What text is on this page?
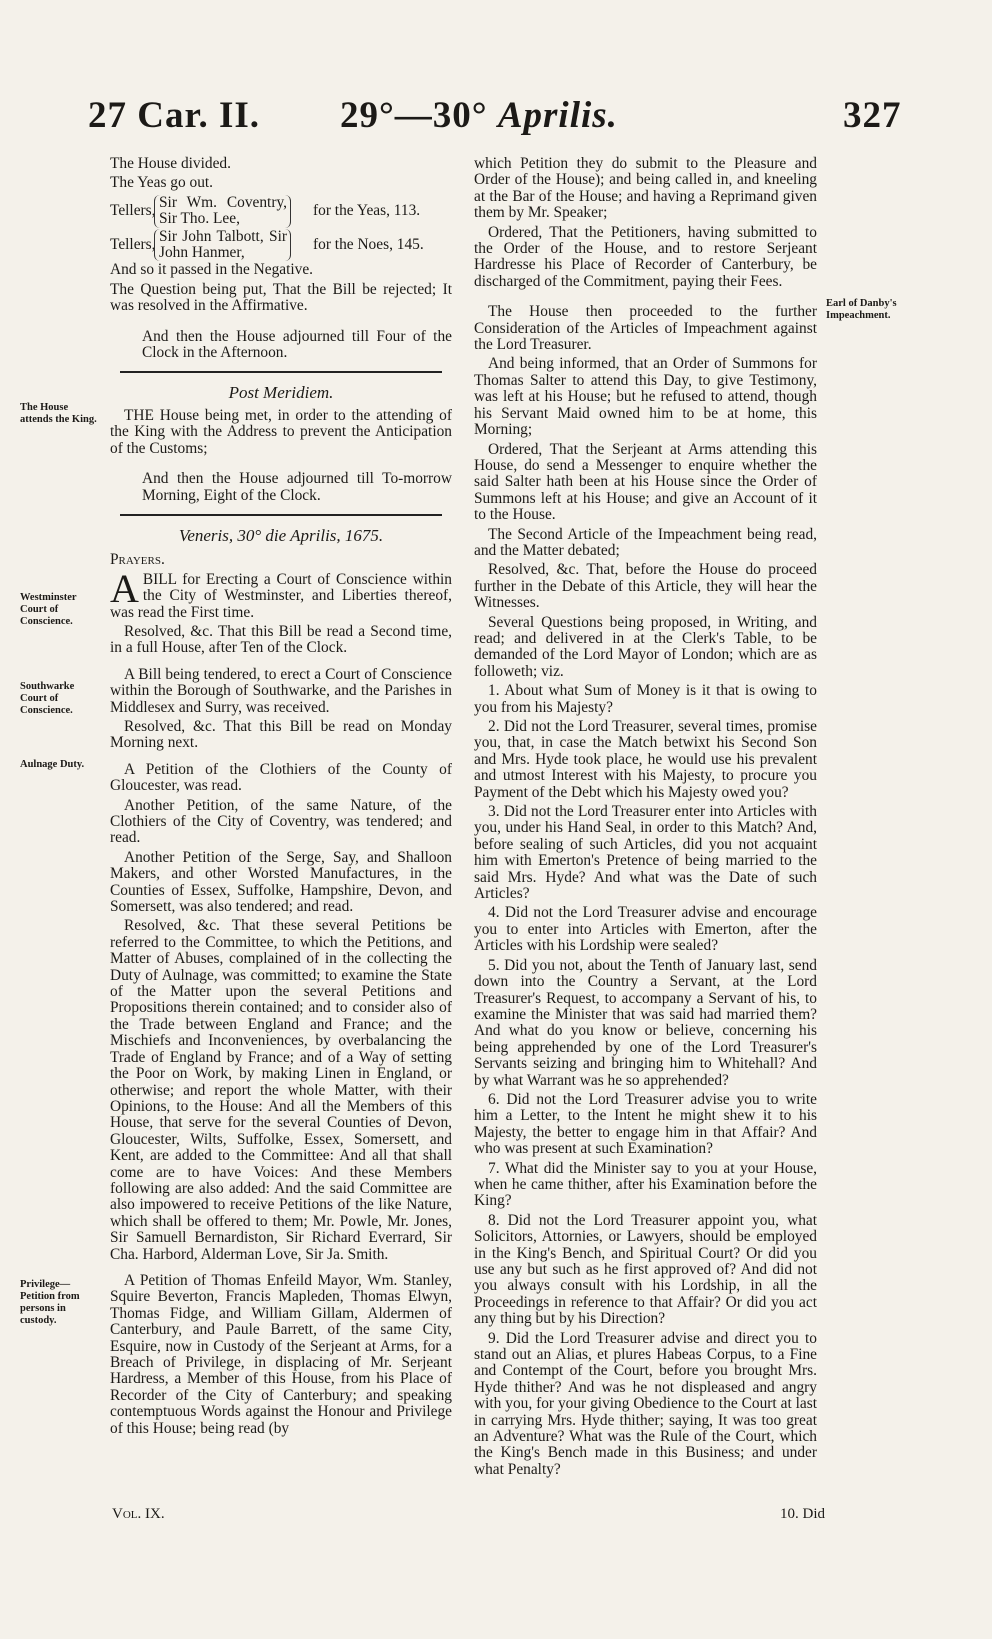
27 Car. II. 29°—30° Aprilis.	327
The House attends the King.
Westminster Court of Conscience.
Southwarke Court of Conscience.
Aulnage Duty.
Privilege—Petition from persons in custody.
Earl of Danby's Impeachment.

The House divided.

The Yeas go out.

Tellers, Sir Wm. Coventry, Sir Tho. Lee,	for the Yeas, 113.
Tellers, Sir John Talbott, Sir John Hanmer,	for the Noes, 145.

And so it passed in the Negative.

The Question being put, That the Bill be rejected; It was resolved in the Affirmative.

And then the House adjourned till Four of the Clock in the Afternoon.

Post Meridiem.

THE House being met, in order to the attending of the King with the Address to prevent the Anticipation of the Customs;

And then the House adjourned till To-morrow Morning, Eight of the Clock.

Veneris, 30° die Aprilis, 1675.

Prayers.

ABILL for Erecting a Court of Conscience within the City of Westminster, and Liberties thereof, was read the First time.

Resolved, &c. That this Bill be read a Second time, in a full House, after Ten of the Clock.

A Bill being tendered, to erect a Court of Conscience within the Borough of Southwarke, and the Parishes in Middlesex and Surry, was received.

Resolved, &c. That this Bill be read on Monday Morning next.

A Petition of the Clothiers of the County of Gloucester, was read.

Another Petition, of the same Nature, of the Clothiers of the City of Coventry, was tendered; and read.

Another Petition of the Serge, Say, and Shalloon Makers, and other Worsted Manufactures, in the Counties of Essex, Suffolke, Hampshire, Devon, and Somersett, was also tendered; and read.

Resolved, &c. That these several Petitions be referred to the Committee, to which the Petitions, and Matter of Abuses, complained of in the collecting the Duty of Aulnage, was committed; to examine the State of the Matter upon the several Petitions and Propositions therein contained; and to consider also of the Trade between England and France; and the Mischiefs and Inconveniences, by overbalancing the Trade of England by France; and of a Way of setting the Poor on Work, by making Linen in England, or otherwise; and report the whole Matter, with their Opinions, to the House: And all the Members of this House, that serve for the several Counties of Devon, Gloucester, Wilts, Suffolke, Essex, Somersett, and Kent, are added to the Committee: And all that shall come are to have Voices: And these Members following are also added: And the said Committee are also impowered to receive Petitions of the like Nature, which shall be offered to them; Mr. Powle, Mr. Jones, Sir Samuell Bernardiston, Sir Richard Everrard, Sir Cha. Harbord, Alderman Love, Sir Ja. Smith.

A Petition of Thomas Enfeild Mayor, Wm. Stanley, Squire Beverton, Francis Mapleden, Thomas Elwyn, Thomas Fidge, and William Gillam, Aldermen of Canterbury, and Paule Barrett, of the same City, Esquire, now in Custody of the Serjeant at Arms, for a Breach of Privilege, in displacing of Mr. Serjeant Hardress, a Member of this House, from his Place of Recorder of the City of Canterbury; and speaking contemptuous Words against the Honour and Privilege of this House; being read (by

which Petition they do submit to the Pleasure and Order of the House); and being called in, and kneeling at the Bar of the House; and having a Reprimand given them by Mr. Speaker;

Ordered, That the Petitioners, having submitted to the Order of the House, and to restore Serjeant Hardresse his Place of Recorder of Canterbury, be discharged of the Commitment, paying their Fees.

The House then proceeded to the further Consideration of the Articles of Impeachment against the Lord Treasurer.

And being informed, that an Order of Summons for Thomas Salter to attend this Day, to give Testimony, was left at his House; but he refused to attend, though his Servant Maid owned him to be at home, this Morning;

Ordered, That the Serjeant at Arms attending this House, do send a Messenger to enquire whether the said Salter hath been at his House since the Order of Summons left at his House; and give an Account of it to the House.

The Second Article of the Impeachment being read, and the Matter debated;

Resolved, &c. That, before the House do proceed further in the Debate of this Article, they will hear the Witnesses.

Several Questions being proposed, in Writing, and read; and delivered in at the Clerk's Table, to be demanded of the Lord Mayor of London; which are as followeth; viz.

1. About what Sum of Money is it that is owing to you from his Majesty?

2. Did not the Lord Treasurer, several times, promise you, that, in case the Match betwixt his Second Son and Mrs. Hyde took place, he would use his prevalent and utmost Interest with his Majesty, to procure you Payment of the Debt which his Majesty owed you?

3. Did not the Lord Treasurer enter into Articles with you, under his Hand Seal, in order to this Match? And, before sealing of such Articles, did you not acquaint him with Emerton's Pretence of being married to the said Mrs. Hyde? And what was the Date of such Articles?

4. Did not the Lord Treasurer advise and encourage you to enter into Articles with Emerton, after the Articles with his Lordship were sealed?

5. Did you not, about the Tenth of January last, send down into the Country a Servant, at the Lord Treasurer's Request, to accompany a Servant of his, to examine the Minister that was said had married them? And what do you know or believe, concerning his being apprehended by one of the Lord Treasurer's Servants seizing and bringing him to Whitehall? And by what Warrant was he so apprehended?

6. Did not the Lord Treasurer advise you to write him a Letter, to the Intent he might shew it to his Majesty, the better to engage him in that Affair? And who was present at such Examination?

7. What did the Minister say to you at your House, when he came thither, after his Examination before the King?

8. Did not the Lord Treasurer appoint you, what Solicitors, Attornies, or Lawyers, should be employed in the King's Bench, and Spiritual Court? Or did you use any but such as he first approved of? And did not you always consult with his Lordship, in all the Proceedings in reference to that Affair? Or did you act any thing but by his Direction?

9. Did the Lord Treasurer advise and direct you to stand out an Alias, et plures Habeas Corpus, to a Fine and Contempt of the Court, before you brought Mrs. Hyde thither? And was he not displeased and angry with you, for your giving Obedience to the Court at last in carrying Mrs. Hyde thither; saying, It was too great an Adventure? What was the Rule of the Court, which the King's Bench made in this Business; and under what Penalty?

Vol. IX.	10. Did
